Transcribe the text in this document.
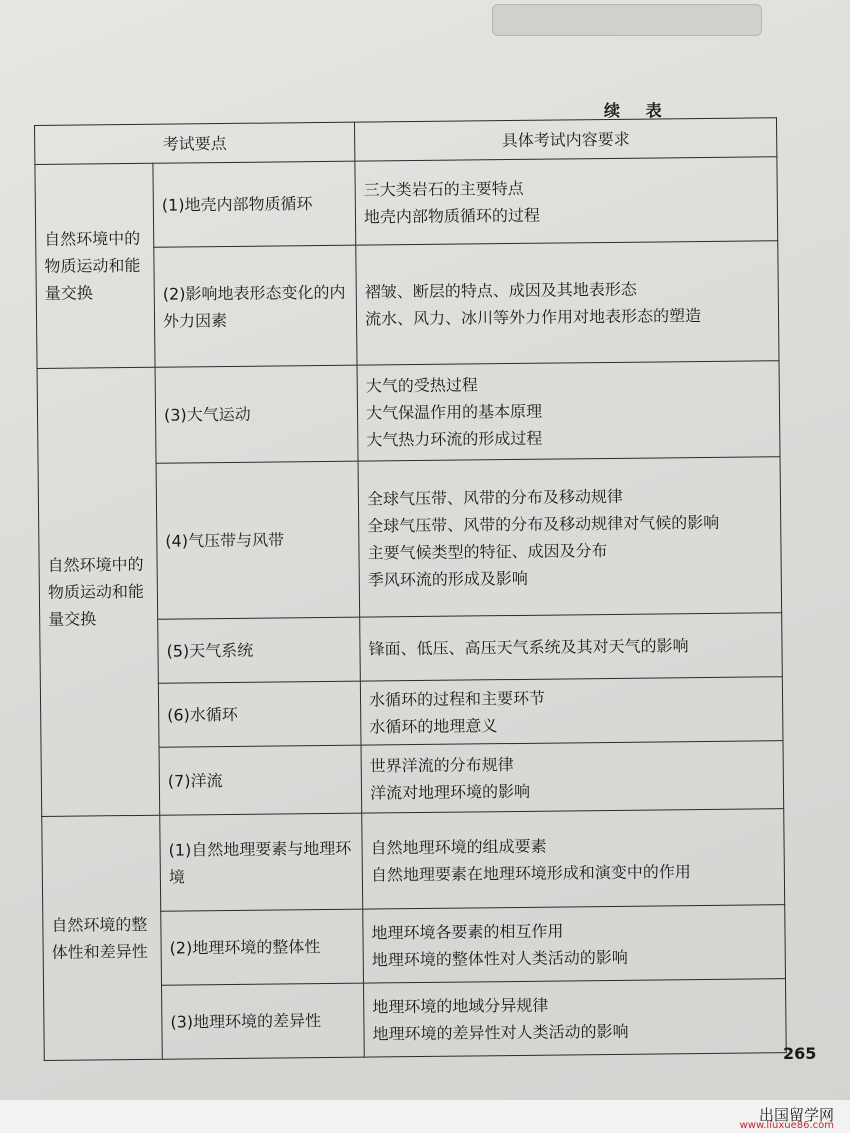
续 表
考试要点		具体考试内容要求
自然环境中的物质运动和能量交换	(1)地壳内部物质循环	三大类岩石的主要特点
地壳内部物质循环的过程

	(2)影响地表形态变化的内外力因素	褶皱、断层的特点、成因及其地表形态
流水、风力、冰川等外力作用对地表形态的塑造

自然环境中的物质运动和能量交换	(3)大气运动	大气的受热过程
大气保温作用的基本原理
大气热力环流的形成过程

	(4)气压带与风带	全球气压带、风带的分布及移动规律
全球气压带、风带的分布及移动规律对气候的影响
主要气候类型的特征、成因及分布
季风环流的形成及影响

	(5)天气系统	锋面、低压、高压天气系统及其对天气的影响

	(6)水循环	水循环的过程和主要环节
水循环的地理意义

	(7)洋流	世界洋流的分布规律
洋流对地理环境的影响

自然环境的整体性和差异性	(1)自然地理要素与地理环境	自然地理环境的组成要素
自然地理要素在地理环境形成和演变中的作用

	(2)地理环境的整体性	地理环境各要素的相互作用
地理环境的整体性对人类活动的影响

	(3)地理环境的差异性	地理环境的地域分异规律
地理环境的差异性对人类活动的影响
265
出国留学网
www.liuxue86.com
